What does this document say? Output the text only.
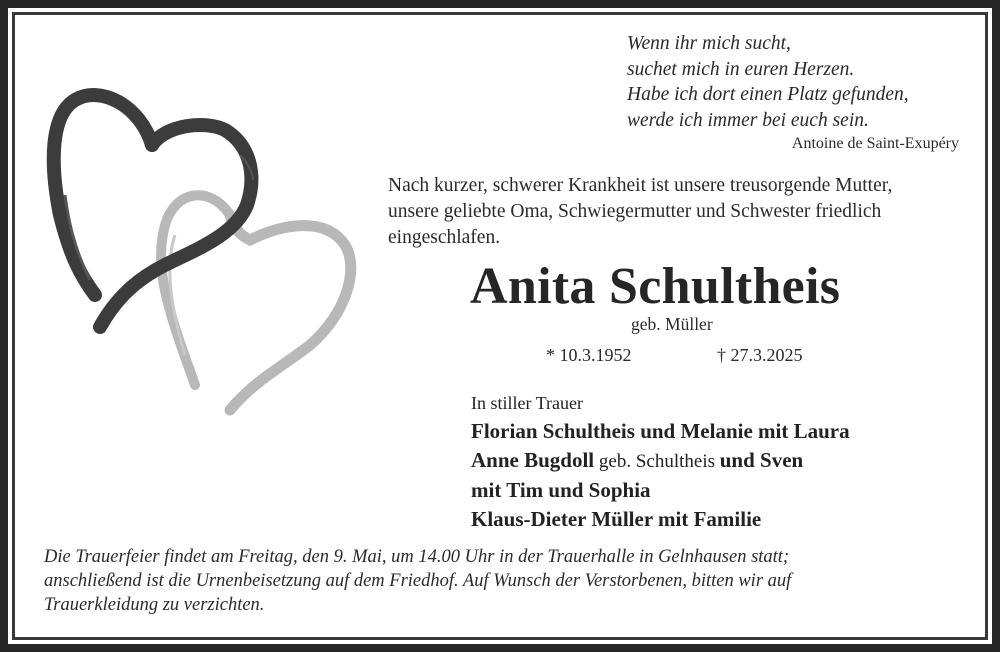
Wenn ihr mich sucht,
suchet mich in euren Herzen.
Habe ich dort einen Platz gefunden,
werde ich immer bei euch sein.
Antoine de Saint-Exupéry
Nach kurzer, schwerer Krankheit ist unsere treusorgende Mutter,
unsere geliebte Oma, Schwiegermutter und Schwester friedlich
eingeschlafen.
Anita Schultheis
geb. Müller
* 10.3.1952	† 27.3.2025
In stiller Trauer
Florian Schultheis und Melanie mit Laura
Anne Bugdoll geb. Schultheis und Sven
mit Tim und Sophia
Klaus-Dieter Müller mit Familie
Die Trauerfeier findet am Freitag, den 9. Mai, um 14.00 Uhr in der Trauerhalle in Gelnhausen statt;
anschließend ist die Urnenbeisetzung auf dem Friedhof. Auf Wunsch der Verstorbenen, bitten wir auf
Trauerkleidung zu verzichten.
